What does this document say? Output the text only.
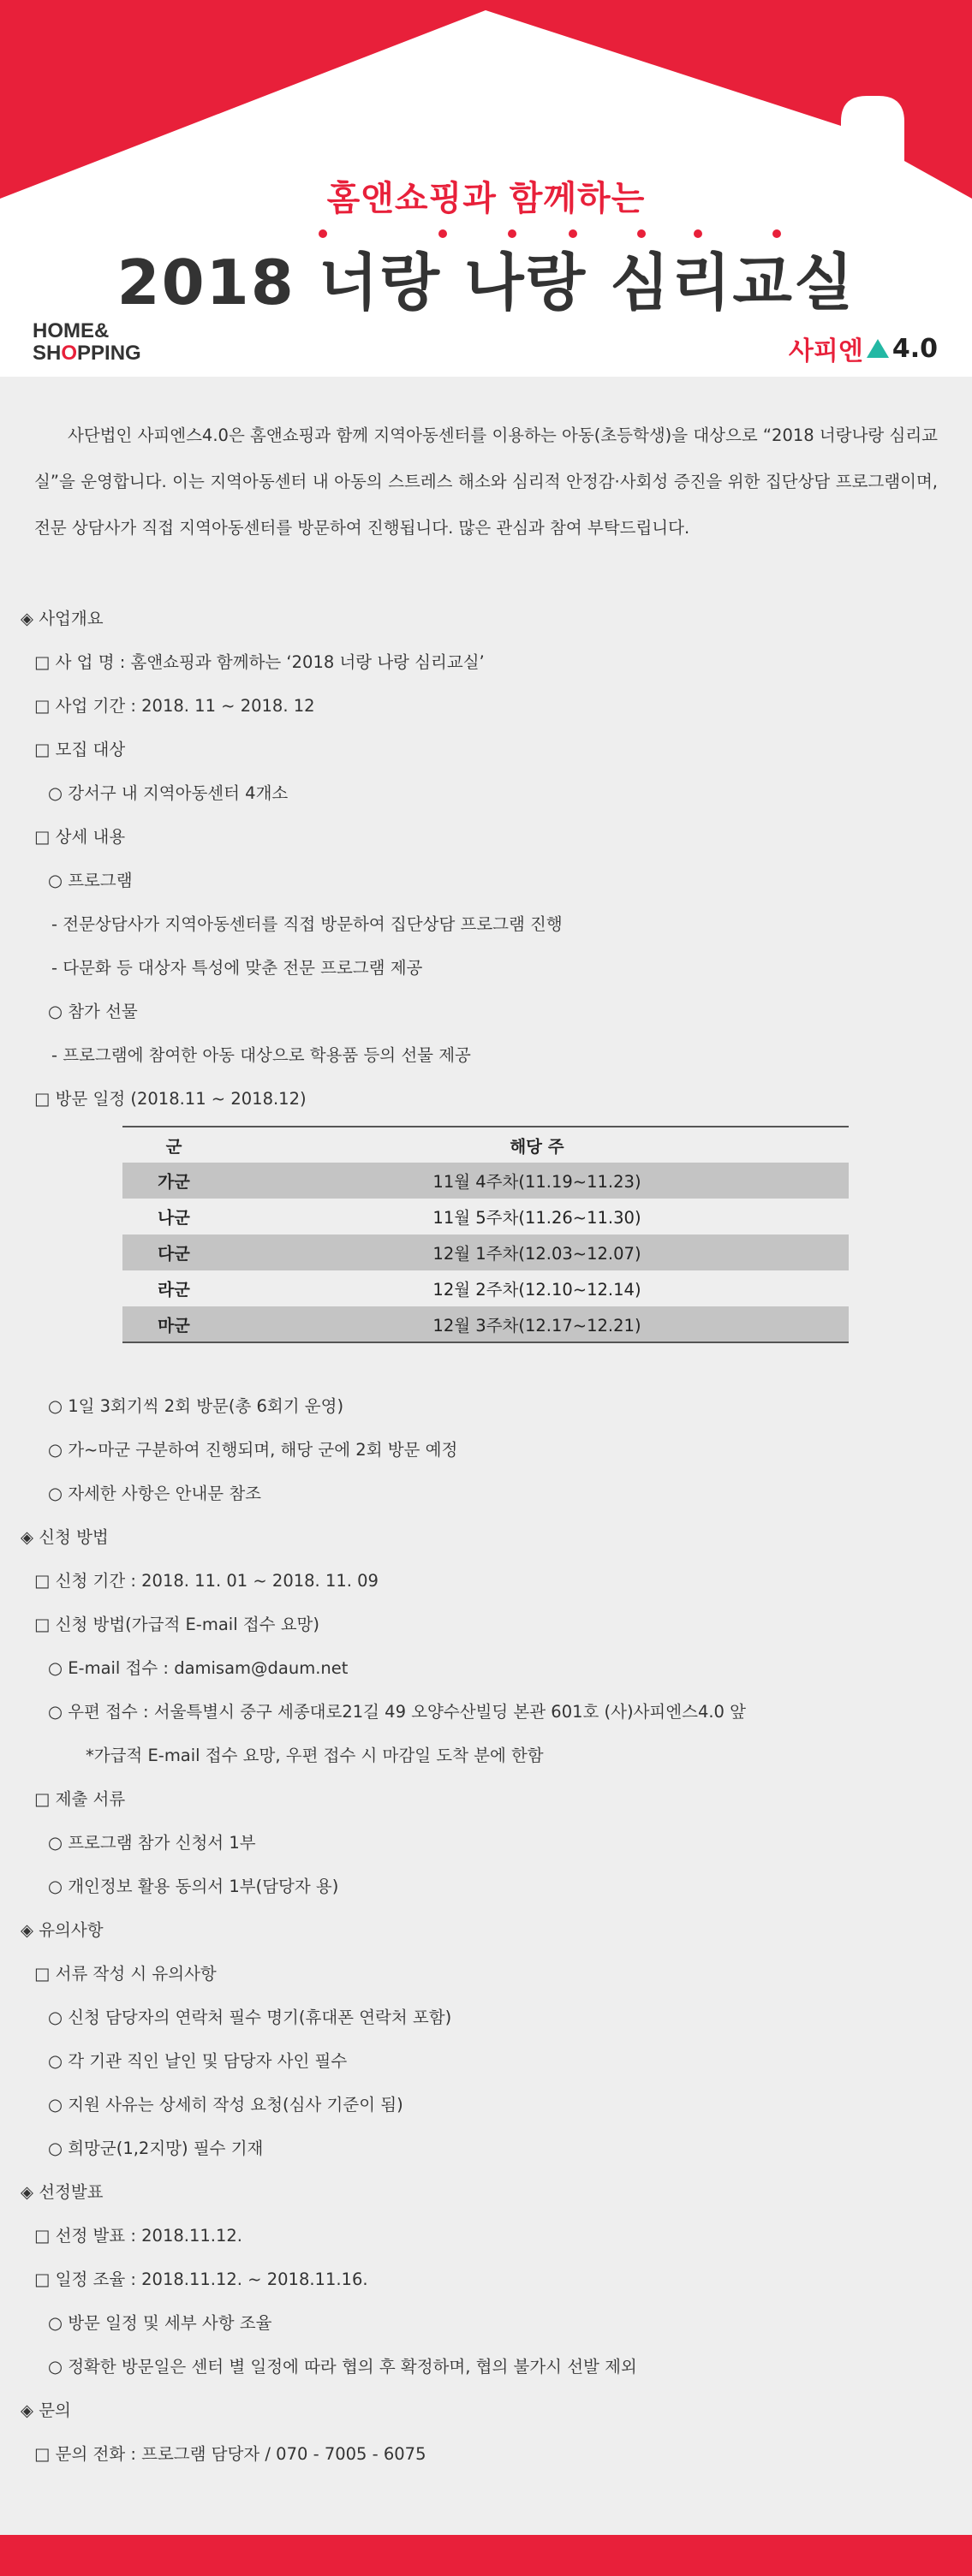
홈앤쇼핑과 함께하는
2018 너랑 나랑 심리교실
HOME&
SHOPPING	사피엔 4.0

사단법인 사피엔스4.0은 홈앤쇼핑과 함께 지역아동센터를 이용하는 아동(초등학생)을 대상으로 “2018 너랑나랑 심리교실”을 운영합니다. 이는 지역아동센터 내 아동의 스트레스 해소와 심리적 안정감·사회성 증진을 위한 집단상담 프로그램이며, 전문 상담사가 직접 지역아동센터를 방문하여 진행됩니다. 많은 관심과 참여 부탁드립니다.

◈ 사업개요
□ 사 업 명 : 홈앤쇼핑과 함께하는 ‘2018 너랑 나랑 심리교실’
□ 사업 기간 : 2018. 11 ~ 2018. 12
□ 모집 대상
○ 강서구 내 지역아동센터 4개소
□ 상세 내용
○ 프로그램
- 전문상담사가 지역아동센터를 직접 방문하여 집단상담 프로그램 진행
- 다문화 등 대상자 특성에 맞춘 전문 프로그램 제공
○ 참가 선물
- 프로그램에 참여한 아동 대상으로 학용품 등의 선물 제공
□ 방문 일정 (2018.11 ~ 2018.12)
군	해당 주
가군	11월 4주차(11.19~11.23)
나군	11월 5주차(11.26~11.30)
다군	12월 1주차(12.03~12.07)
라군	12월 2주차(12.10~12.14)
마군	12월 3주차(12.17~12.21)
○ 1일 3회기씩 2회 방문(총 6회기 운영)
○ 가~마군 구분하여 진행되며, 해당 군에 2회 방문 예정
○ 자세한 사항은 안내문 참조
◈ 신청 방법
□ 신청 기간 : 2018. 11. 01 ~ 2018. 11. 09
□ 신청 방법(가급적 E-mail 접수 요망)
○ E-mail 접수 : damisam@daum.net
○ 우편 접수 : 서울특별시 중구 세종대로21길 49 오양수산빌딩 본관 601호 (사)사피엔스4.0 앞
*가급적 E-mail 접수 요망, 우편 접수 시 마감일 도착 분에 한함
□ 제출 서류
○ 프로그램 참가 신청서 1부
○ 개인정보 활용 동의서 1부(담당자 용)
◈ 유의사항
□ 서류 작성 시 유의사항
○ 신청 담당자의 연락처 필수 명기(휴대폰 연락처 포함)
○ 각 기관 직인 날인 및 담당자 사인 필수
○ 지원 사유는 상세히 작성 요청(심사 기준이 됨)
○ 희망군(1,2지망) 필수 기재
◈ 선정발표
□ 선정 발표 : 2018.11.12.
□ 일정 조율 : 2018.11.12. ~ 2018.11.16.
○ 방문 일정 및 세부 사항 조율
○ 정확한 방문일은 센터 별 일정에 따라 협의 후 확정하며, 협의 불가시 선발 제외
◈ 문의
□ 문의 전화 : 프로그램 담당자 / 070 - 7005 - 6075
